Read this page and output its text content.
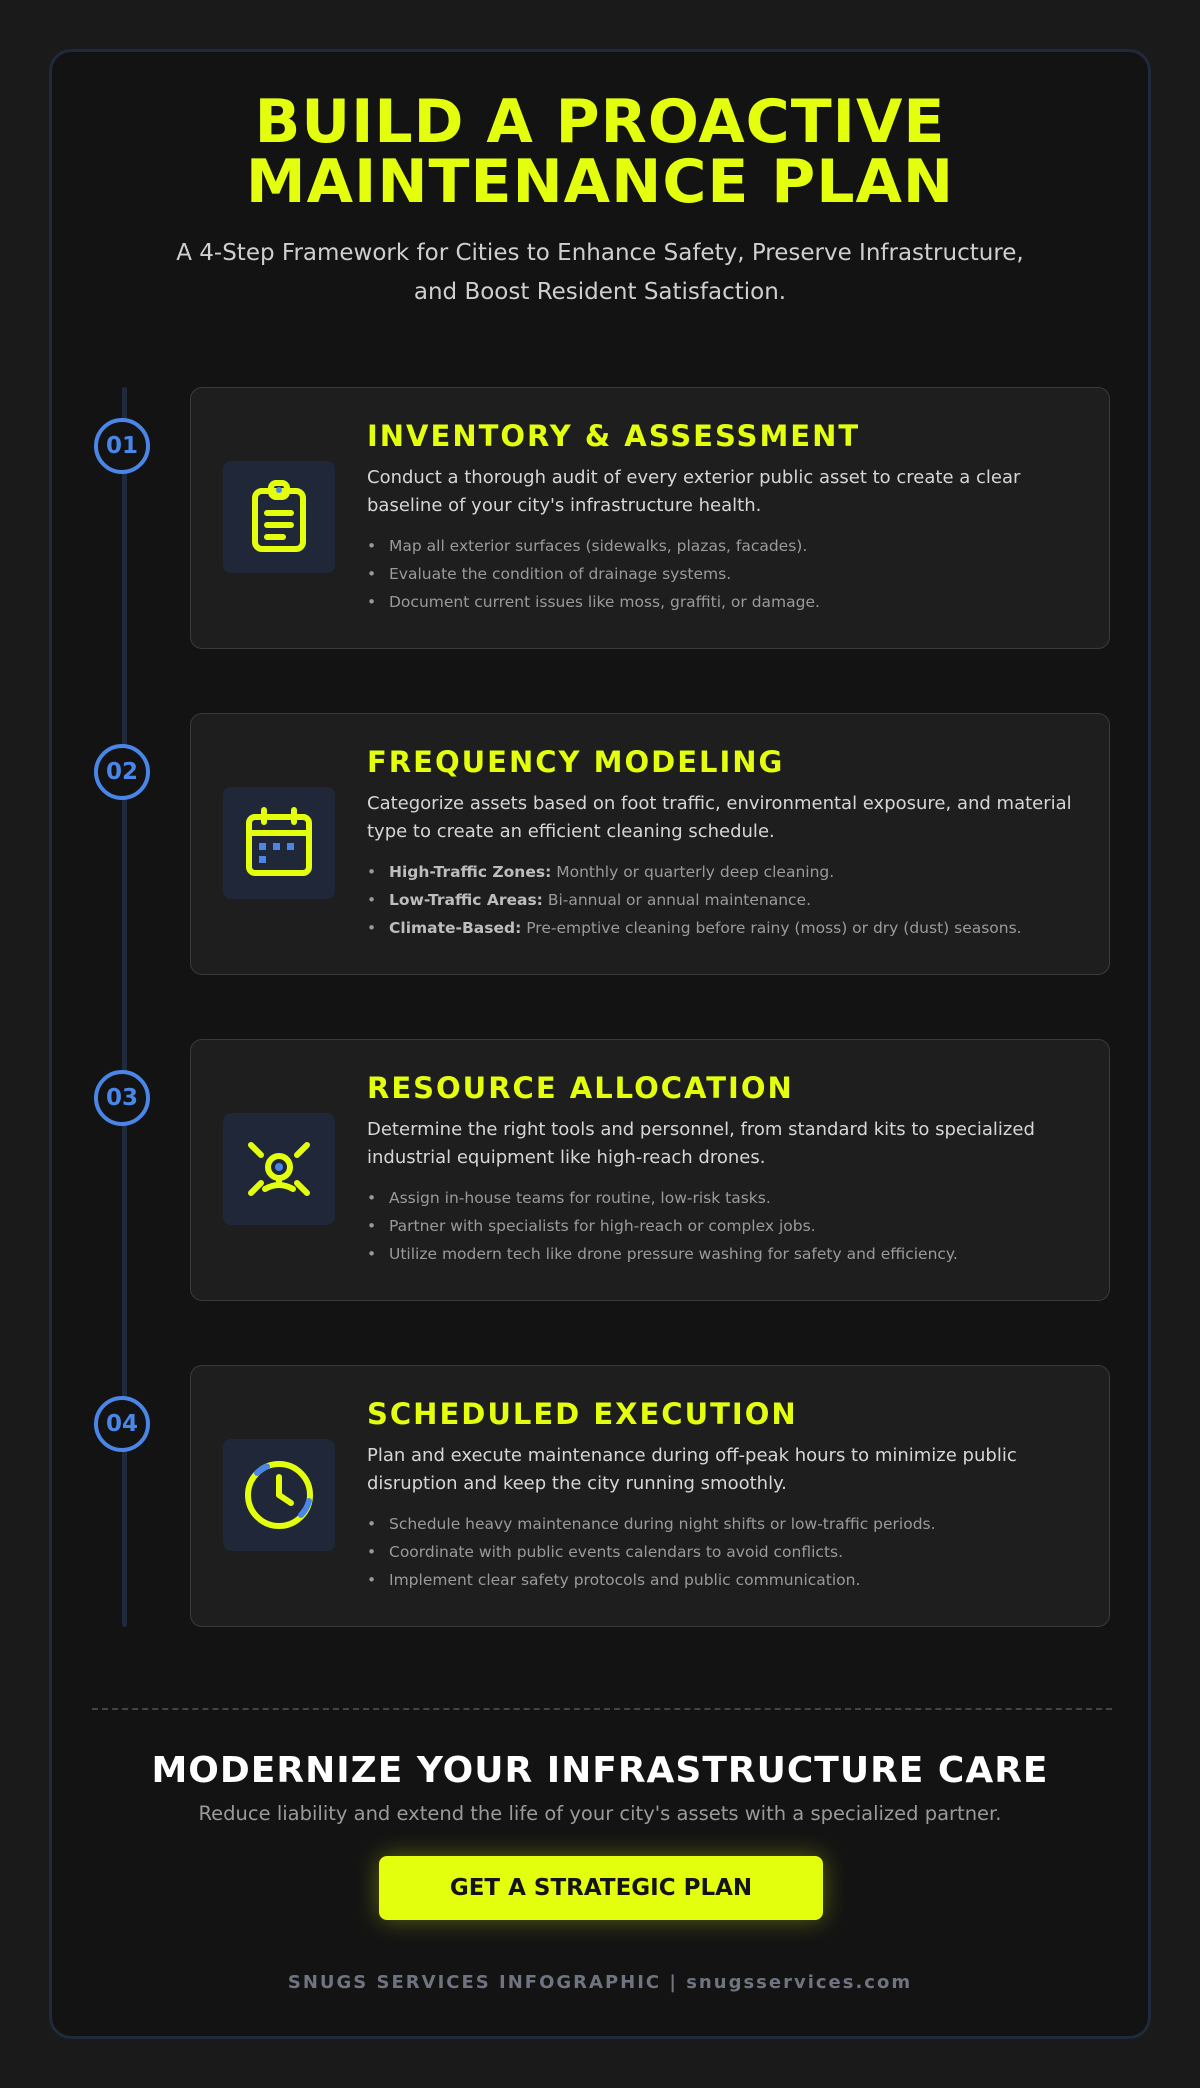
BUILD A PROACTIVE
MAINTENANCE PLAN

A 4-Step Framework for Cities to Enhance Safety, Preserve Infrastructure,
and Boost Resident Satisfaction.

01	INVENTORY & ASSESSMENT
Conduct a thorough audit of every exterior public asset to create a clear baseline of your city's infrastructure health.
• Map all exterior surfaces (sidewalks, plazas, facades).
• Evaluate the condition of drainage systems.
• Document current issues like moss, graffiti, or damage.
02	FREQUENCY MODELING
Categorize assets based on foot traffic, environmental exposure, and material type to create an efficient cleaning schedule.
• High-Traffic Zones: Monthly or quarterly deep cleaning.
• Low-Traffic Areas: Bi-annual or annual maintenance.
• Climate-Based: Pre-emptive cleaning before rainy (moss) or dry (dust) seasons.
03	RESOURCE ALLOCATION
Determine the right tools and personnel, from standard kits to specialized industrial equipment like high-reach drones.
• Assign in-house teams for routine, low-risk tasks.
• Partner with specialists for high-reach or complex jobs.
• Utilize modern tech like drone pressure washing for safety and efficiency.
04	SCHEDULED EXECUTION
Plan and execute maintenance during off-peak hours to minimize public disruption and keep the city running smoothly.
• Schedule heavy maintenance during night shifts or low-traffic periods.
• Coordinate with public events calendars to avoid conflicts.
• Implement clear safety protocols and public communication.
MODERNIZE YOUR INFRASTRUCTURE CARE

Reduce liability and extend the life of your city's assets with a specialized partner.

GET A STRATEGIC PLAN
SNUGS SERVICES INFOGRAPHIC | snugsservices.com
